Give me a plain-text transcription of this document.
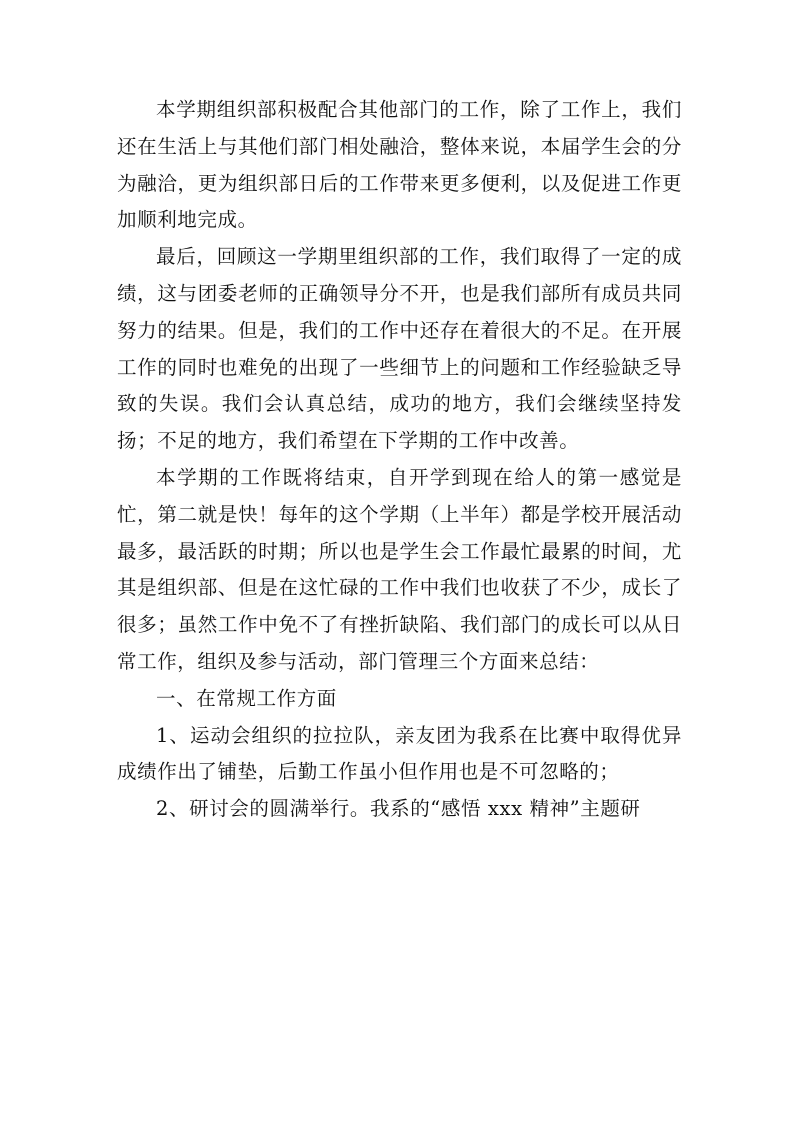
本学期组织部积极配合其他部门的工作，除了工作上，我们还在生活上与其他们部门相处融洽，整体来说，本届学生会的分为融洽，更为组织部日后的工作带来更多便利，以及促进工作更加顺利地完成。

最后，回顾这一学期里组织部的工作，我们取得了一定的成绩，这与团委老师的正确领导分不开，也是我们部所有成员共同努力的结果。但是，我们的工作中还存在着很大的不足。在开展工作的同时也难免的出现了一些细节上的问题和工作经验缺乏导致的失误。我们会认真总结，成功的地方，我们会继续坚持发扬；不足的地方，我们希望在下学期的工作中改善。

本学期的工作既将结束，自开学到现在给人的第一感觉是忙，第二就是快！每年的这个学期（上半年）都是学校开展活动最多，最活跃的时期；所以也是学生会工作最忙最累的时间，尤其是组织部、但是在这忙碌的工作中我们也收获了不少，成长了很多；虽然工作中免不了有挫折缺陷、我们部门的成长可以从日常工作，组织及参与活动，部门管理三个方面来总结：

一、在常规工作方面

1、运动会组织的拉拉队，亲友团为我系在比赛中取得优异成绩作出了铺垫，后勤工作虽小但作用也是不可忽略的；

2、研讨会的圆满举行。我系的“感悟 xxx 精神”主题研
